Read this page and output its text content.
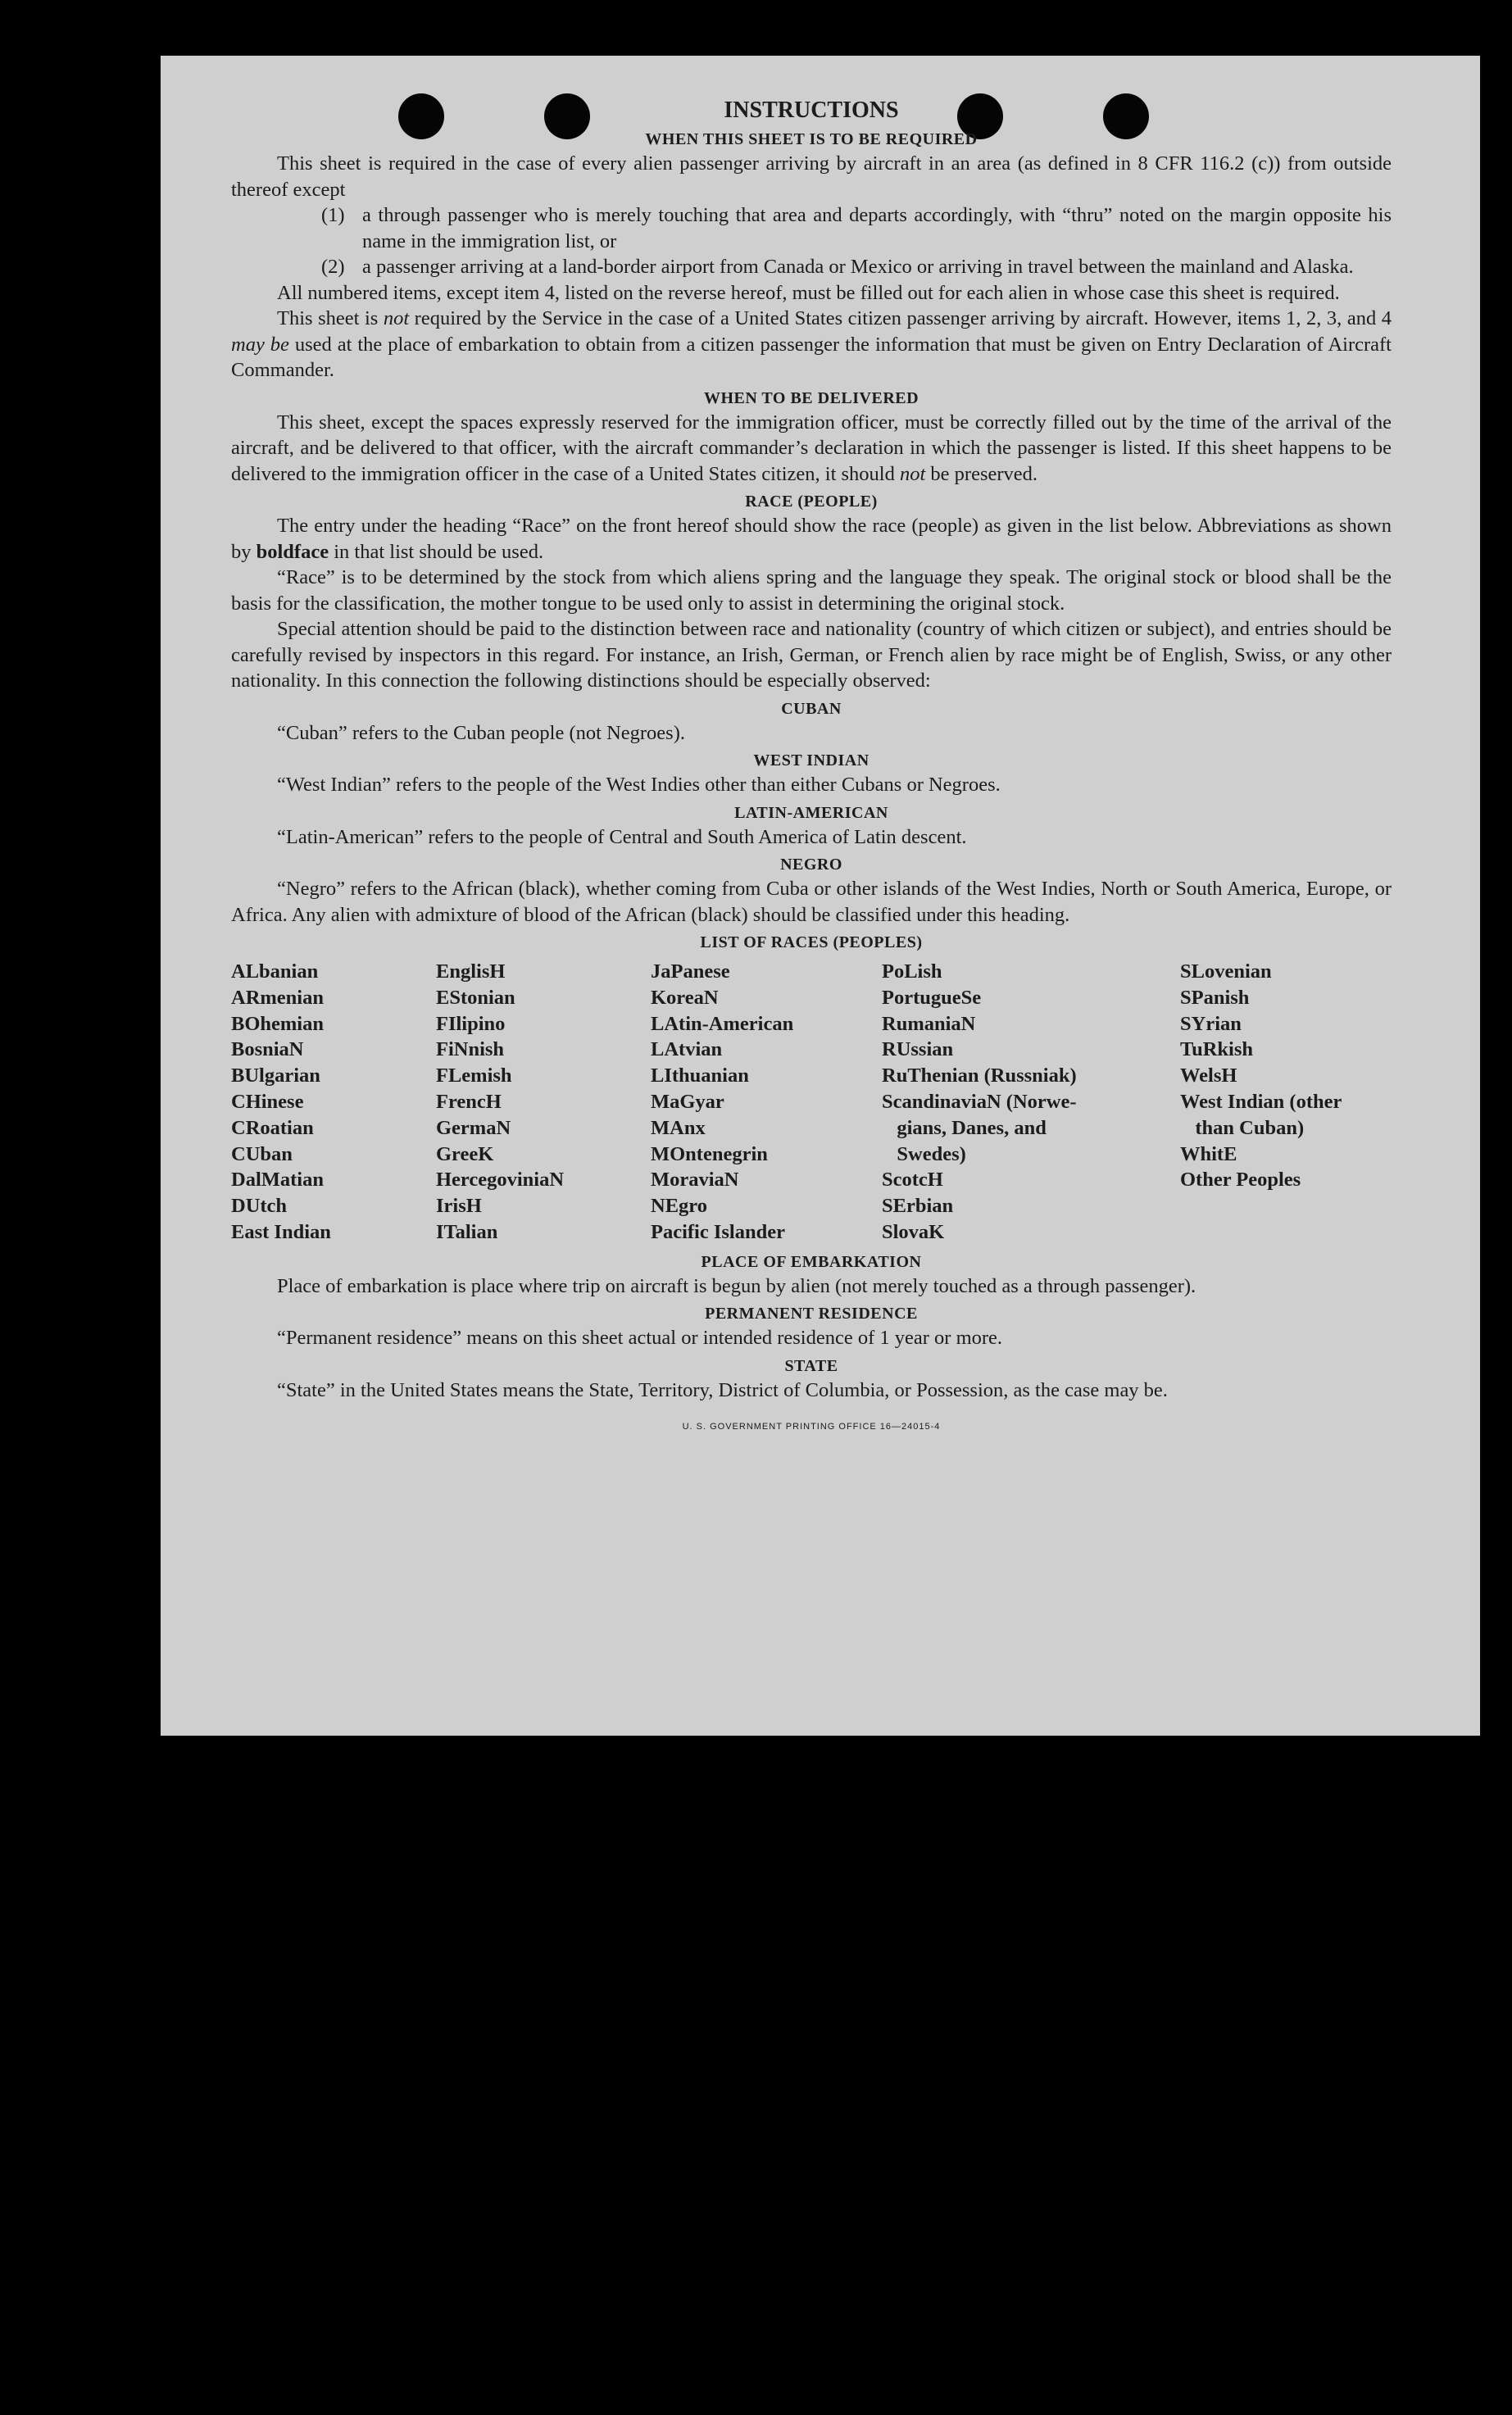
INSTRUCTIONS

WHEN THIS SHEET IS TO BE REQUIRED

This sheet is required in the case of every alien passenger arriving by aircraft in an area (as defined in 8 CFR 116.2 (c)) from outside thereof except

(1) a through passenger who is merely touching that area and departs accordingly, with “thru” noted on the margin opposite his name in the immigration list, or
(2) a passenger arriving at a land-border airport from Canada or Mexico or arriving in travel between the mainland and Alaska.

All numbered items, except item 4, listed on the reverse hereof, must be filled out for each alien in whose case this sheet is required.

This sheet is not required by the Service in the case of a United States citizen passenger arriving by aircraft. However, items 1, 2, 3, and 4 may be used at the place of embarkation to obtain from a citizen passenger the information that must be given on Entry Declaration of Aircraft Commander.

WHEN TO BE DELIVERED

This sheet, except the spaces expressly reserved for the immigration officer, must be correctly filled out by the time of the arrival of the aircraft, and be delivered to that officer, with the aircraft commander’s declaration in which the passenger is listed. If this sheet happens to be delivered to the immigration officer in the case of a United States citizen, it should not be preserved.

RACE (PEOPLE)

The entry under the heading “Race” on the front hereof should show the race (people) as given in the list below. Abbreviations as shown by boldface in that list should be used.

“Race” is to be determined by the stock from which aliens spring and the language they speak. The original stock or blood shall be the basis for the classification, the mother tongue to be used only to assist in determining the original stock.

Special attention should be paid to the distinction between race and nationality (country of which citizen or subject), and entries should be carefully revised by inspectors in this regard. For instance, an Irish, German, or French alien by race might be of English, Swiss, or any other nationality. In this connection the following distinctions should be especially observed:

CUBAN

“Cuban” refers to the Cuban people (not Negroes).

WEST INDIAN

“West Indian” refers to the people of the West Indies other than either Cubans or Negroes.

LATIN-AMERICAN

“Latin-American” refers to the people of Central and South America of Latin descent.

NEGRO

“Negro” refers to the African (black), whether coming from Cuba or other islands of the West Indies, North or South America, Europe, or Africa. Any alien with admixture of blood of the African (black) should be classified under this heading.

LIST OF RACES (PEOPLES)

ALbanian
ARmenian
BOhemian
BosniaN
BUlgarian
CHinese
CRoatian
CUban
DalMatian
DUtch
East Indian
EnglisH
EStonian
FIlipino
FiNnish
FLemish
FrencH
GermaN
GreeK
HercegoviniaN
IrisH
ITalian
JaPanese
KoreaN
LAtin-American
LAtvian
LIthuanian
MaGyar
MAnx
MOntenegrin
MoraviaN
NEgro
Pacific Islander
PoLish
PortugueSe
RumaniaN
RUssian
RuThenian (Russniak)
ScandinaviaN (Norwe-
gians, Danes, and
Swedes)
ScotcH
SErbian
SlovaK
SLovenian
SPanish
SYrian
TuRkish
WelsH
West Indian (other
than Cuban)
WhitE
Other Peoples

PLACE OF EMBARKATION

Place of embarkation is place where trip on aircraft is begun by alien (not merely touched as a through passenger).

PERMANENT RESIDENCE

“Permanent residence” means on this sheet actual or intended residence of 1 year or more.

STATE

“State” in the United States means the State, Territory, District of Columbia, or Possession, as the case may be.

U. S. GOVERNMENT PRINTING OFFICE 16—24015-4
